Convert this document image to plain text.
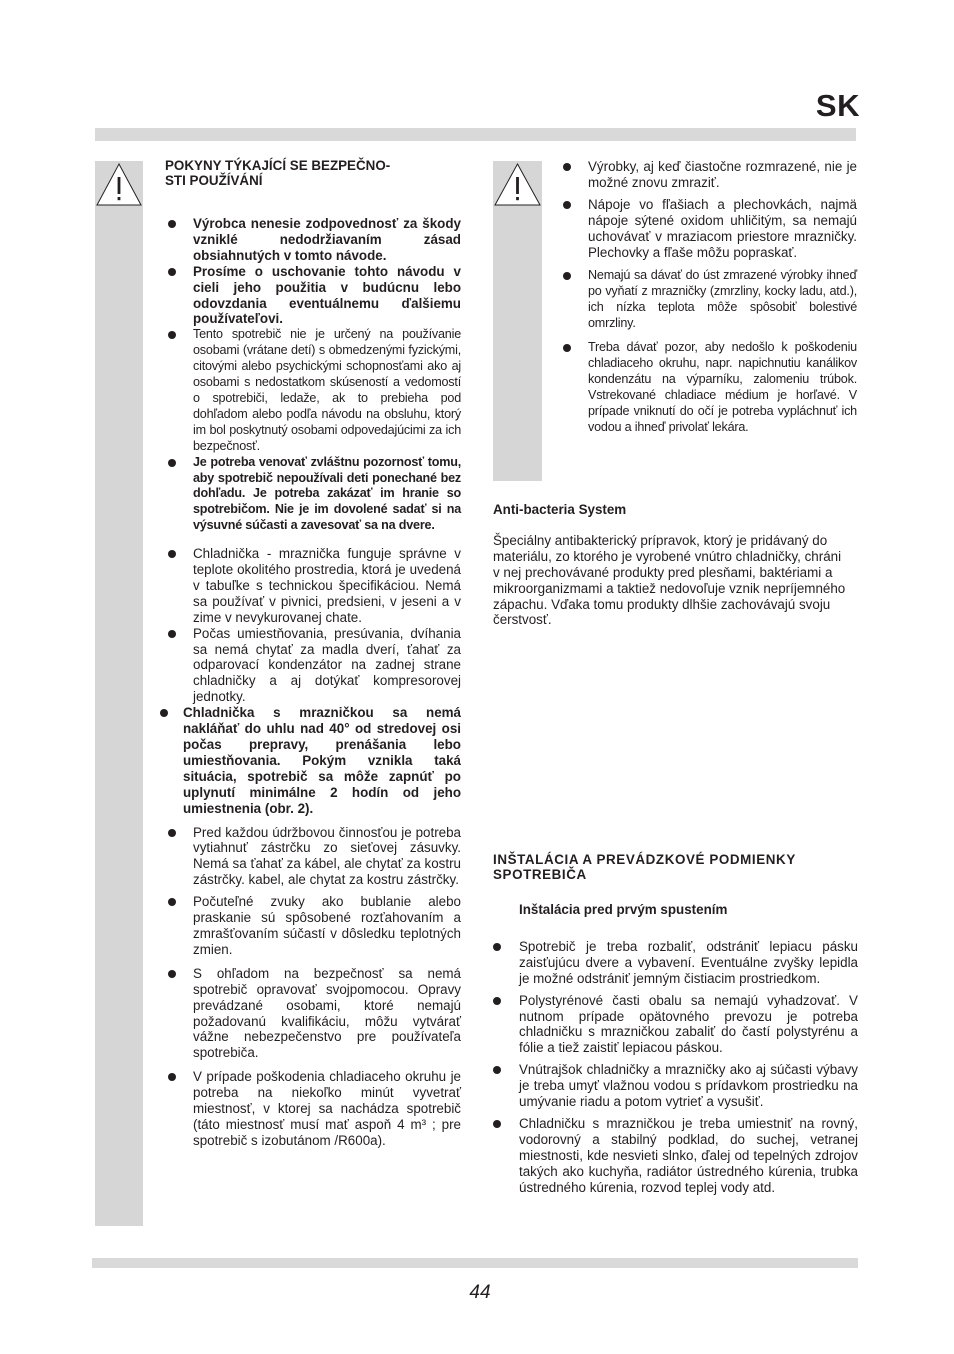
SK
POKYNY TÝKAJÍCÍ SE BEZPEČNO-
STI POUŽÍVÁNÍ
Výrobca nenesie zodpovednosť za škody vzniklé nedodržiavaním zásad obsiahnutých v tomto návode.
Prosíme o uschovanie tohto návodu v cieli jeho použitia v budúcnu lebo odovzdania eventuálnemu ďalšiemu používateľovi.
Tento spotrebič nie je určený na používanie osobami (vrátane detí) s obmedzenými fyzickými, citovými alebo psychickými schopnosťami ako aj osobami s nedostatkom skúseností a vedomostí o spotrebiči, ledaže, ak to prebieha pod dohľadom alebo podľa návodu na obsluhu, ktorý im bol poskytnutý osobami odpovedajúcimi za ich bezpečnosť.
Je potreba venovať zvláštnu pozornosť tomu, aby spotrebič nepoužívali deti ponechané bez dohľadu. Je potreba zakázať im hranie so spotrebičom. Nie je im dovolené sadať si na výsuvné súčasti a zavesovať sa na dvere.
Chladnička - mraznička funguje správne v teplote okolitého prostredia, ktorá je uvedená v tabuľke s technickou špecifikáciou. Nemá sa používať v pivnici, predsieni, v jeseni a v zime v nevykurovanej chate.
Počas umiestňovania, presúvania, dvíhania sa nemá chytať za madla dverí, ťahať za odparovací kondenzátor na zadnej strane chladničky a aj dotýkať kompresorovej jednotky.
Chladnička s mrazničkou sa nemá nakláňať do uhlu nad 40° od stredovej osi počas prepravy, prenášania lebo umiestňovania. Pokým vznikla taká situácia, spotrebič sa môže zapnúť po uplynutí minimálne 2 hodín od jeho umiestnenia (obr. 2).
Pred každou údržbovou činnosťou je potreba vytiahnuť zástrčku zo sieťovej zásuvky. Nemá sa ťahať za kábel, ale chytať za kostru zástrčky. kabel, ale chytat za kostru zástrčky.
Počuteľné zvuky ako bublanie alebo praskanie sú spôsobené rozťahovaním a zmrašťovaním súčastí v dôsledku teplotných zmien.
S ohľadom na bezpečnosť sa nemá spotrebič opravovať svojpomocou. Opravy prevádzané osobami, ktoré nemajú požadovanú kvalifikáciu, môžu vytvárať vážne nebezpečenstvo pre používateľa spotrebiča.
V prípade poškodenia chladiaceho okruhu je potreba na niekoľko minút vyvetrať miestnosť, v ktorej sa nachádza spotrebič (táto miestnosť musí mať aspoň 4 m³ ; pre spotrebič s izobutánom /R600a).
Výrobky, aj keď čiastočne rozmrazené, nie je možné znovu zmraziť.
Nápoje vo fľašiach a plechovkách, najmä nápoje sýtené oxidom uhličitým, sa nemajú uchovávať v mraziacom priestore mrazničky. Plechovky a fľaše môžu popraskať.
Nemajú sa dávať do úst zmrazené výrobky ihneď po vyňatí z mrazničky (zmrzliny, kocky ladu, atd.), ich nízka teplota môže spôsobiť bolestivé omrzliny.
Treba dávať pozor, aby nedošlo k poškodeniu chladiaceho okruhu, napr. napichnutiu kanálikov kondenzátu na výparníku, zalomeniu trúbok. Vstrekované chladiace médium je horľavé. V prípade vniknutí do očí je potreba vypláchnuť ich vodou a ihneď privolať lekára.
Anti-bacteria System
Špeciálny antibakterický prípravok, ktorý je pridávaný do materiálu, zo ktorého je vyrobené vnútro chladničky, chráni v nej prechovávané produkty pred plesňami, baktériami a mikroorganizmami a taktiež nedovoľuje vznik nepríjemného zápachu. Vďaka tomu produkty dlhšie zachovávajú svoju čerstvosť.
INŠTALÁCIA A PREVÁDZKOVÉ PODMIENKY SPOTREBIČA
Inštalácia pred prvým spustením
Spotrebič je treba rozbaliť, odstrániť lepiacu pásku zaisťujúcu dvere a vybavení. Eventuálne zvyšky lepidla je možné odstrániť jemným čistiacim prostriedkom.
Polystyrénové časti obalu sa nemajú vyhadzovať. V nutnom prípade opätovného prevozu je potreba chladničku s mrazničkou zabaliť do častí polystyrénu a fólie a tiež zaistiť lepiacou páskou.
Vnútrajšok chladničky a mrazničky ako aj súčasti výbavy je treba umyť vlažnou vodou s prídavkom prostriedku na umývanie riadu a potom vytrieť a vysušiť.
Chladničku s mrazničkou je treba umiestniť na rovný, vodorovný a stabilný podklad, do suchej, vetranej miestnosti, kde nesvieti slnko, ďalej od tepelných zdrojov takých ako kuchyňa, radiátor ústredného kúrenia, trubka ústredného kúrenia, rozvod teplej vody atd.
44
